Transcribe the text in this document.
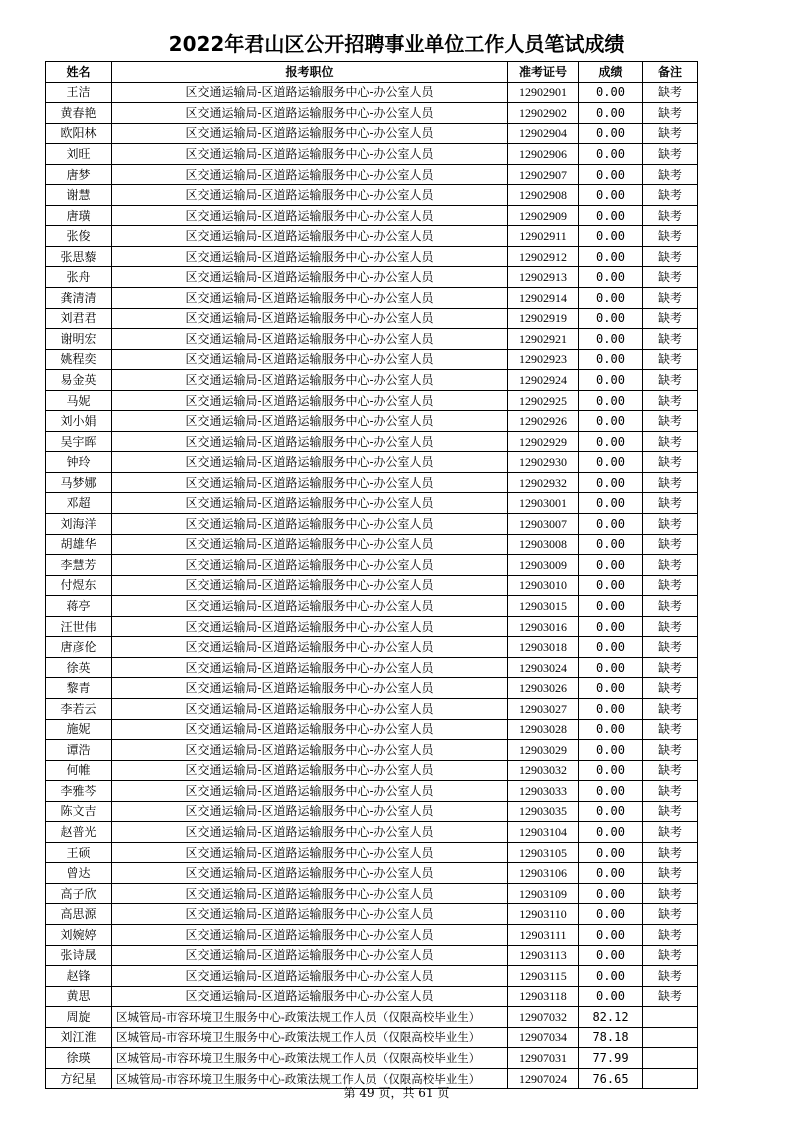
2022年君山区公开招聘事业单位工作人员笔试成绩
姓名	报考职位	准考证号	成绩	备注
王洁	区交通运输局-区道路运输服务中心-办公室人员	12902901	0.00	缺考
黄春艳	区交通运输局-区道路运输服务中心-办公室人员	12902902	0.00	缺考
欧阳林	区交通运输局-区道路运输服务中心-办公室人员	12902904	0.00	缺考
刘旺	区交通运输局-区道路运输服务中心-办公室人员	12902906	0.00	缺考
唐梦	区交通运输局-区道路运输服务中心-办公室人员	12902907	0.00	缺考
谢慧	区交通运输局-区道路运输服务中心-办公室人员	12902908	0.00	缺考
唐璜	区交通运输局-区道路运输服务中心-办公室人员	12902909	0.00	缺考
张俊	区交通运输局-区道路运输服务中心-办公室人员	12902911	0.00	缺考
张思藜	区交通运输局-区道路运输服务中心-办公室人员	12902912	0.00	缺考
张舟	区交通运输局-区道路运输服务中心-办公室人员	12902913	0.00	缺考
龚清清	区交通运输局-区道路运输服务中心-办公室人员	12902914	0.00	缺考
刘君君	区交通运输局-区道路运输服务中心-办公室人员	12902919	0.00	缺考
谢明宏	区交通运输局-区道路运输服务中心-办公室人员	12902921	0.00	缺考
姚程奕	区交通运输局-区道路运输服务中心-办公室人员	12902923	0.00	缺考
易金英	区交通运输局-区道路运输服务中心-办公室人员	12902924	0.00	缺考
马妮	区交通运输局-区道路运输服务中心-办公室人员	12902925	0.00	缺考
刘小娟	区交通运输局-区道路运输服务中心-办公室人员	12902926	0.00	缺考
吴宇晖	区交通运输局-区道路运输服务中心-办公室人员	12902929	0.00	缺考
钟玲	区交通运输局-区道路运输服务中心-办公室人员	12902930	0.00	缺考
马梦娜	区交通运输局-区道路运输服务中心-办公室人员	12902932	0.00	缺考
邓超	区交通运输局-区道路运输服务中心-办公室人员	12903001	0.00	缺考
刘海洋	区交通运输局-区道路运输服务中心-办公室人员	12903007	0.00	缺考
胡雄华	区交通运输局-区道路运输服务中心-办公室人员	12903008	0.00	缺考
李慧芳	区交通运输局-区道路运输服务中心-办公室人员	12903009	0.00	缺考
付煜东	区交通运输局-区道路运输服务中心-办公室人员	12903010	0.00	缺考
蒋亭	区交通运输局-区道路运输服务中心-办公室人员	12903015	0.00	缺考
汪世伟	区交通运输局-区道路运输服务中心-办公室人员	12903016	0.00	缺考
唐彦伦	区交通运输局-区道路运输服务中心-办公室人员	12903018	0.00	缺考
徐英	区交通运输局-区道路运输服务中心-办公室人员	12903024	0.00	缺考
黎青	区交通运输局-区道路运输服务中心-办公室人员	12903026	0.00	缺考
李若云	区交通运输局-区道路运输服务中心-办公室人员	12903027	0.00	缺考
施妮	区交通运输局-区道路运输服务中心-办公室人员	12903028	0.00	缺考
谭浩	区交通运输局-区道路运输服务中心-办公室人员	12903029	0.00	缺考
何帷	区交通运输局-区道路运输服务中心-办公室人员	12903032	0.00	缺考
李雅芩	区交通运输局-区道路运输服务中心-办公室人员	12903033	0.00	缺考
陈文吉	区交通运输局-区道路运输服务中心-办公室人员	12903035	0.00	缺考
赵普光	区交通运输局-区道路运输服务中心-办公室人员	12903104	0.00	缺考
王硕	区交通运输局-区道路运输服务中心-办公室人员	12903105	0.00	缺考
曾达	区交通运输局-区道路运输服务中心-办公室人员	12903106	0.00	缺考
高子欣	区交通运输局-区道路运输服务中心-办公室人员	12903109	0.00	缺考
高思源	区交通运输局-区道路运输服务中心-办公室人员	12903110	0.00	缺考
刘婉婷	区交通运输局-区道路运输服务中心-办公室人员	12903111	0.00	缺考
张诗晟	区交通运输局-区道路运输服务中心-办公室人员	12903113	0.00	缺考
赵锋	区交通运输局-区道路运输服务中心-办公室人员	12903115	0.00	缺考
黄思	区交通运输局-区道路运输服务中心-办公室人员	12903118	0.00	缺考
周旋	区城管局-市容环境卫生服务中心-政策法规工作人员（仅限高校毕业生）	12907032	82.12	
刘江淮	区城管局-市容环境卫生服务中心-政策法规工作人员（仅限高校毕业生）	12907034	78.18	
徐瑛	区城管局-市容环境卫生服务中心-政策法规工作人员（仅限高校毕业生）	12907031	77.99	
方纪星	区城管局-市容环境卫生服务中心-政策法规工作人员（仅限高校毕业生）	12907024	76.65	
第 49 页，共 61 页
